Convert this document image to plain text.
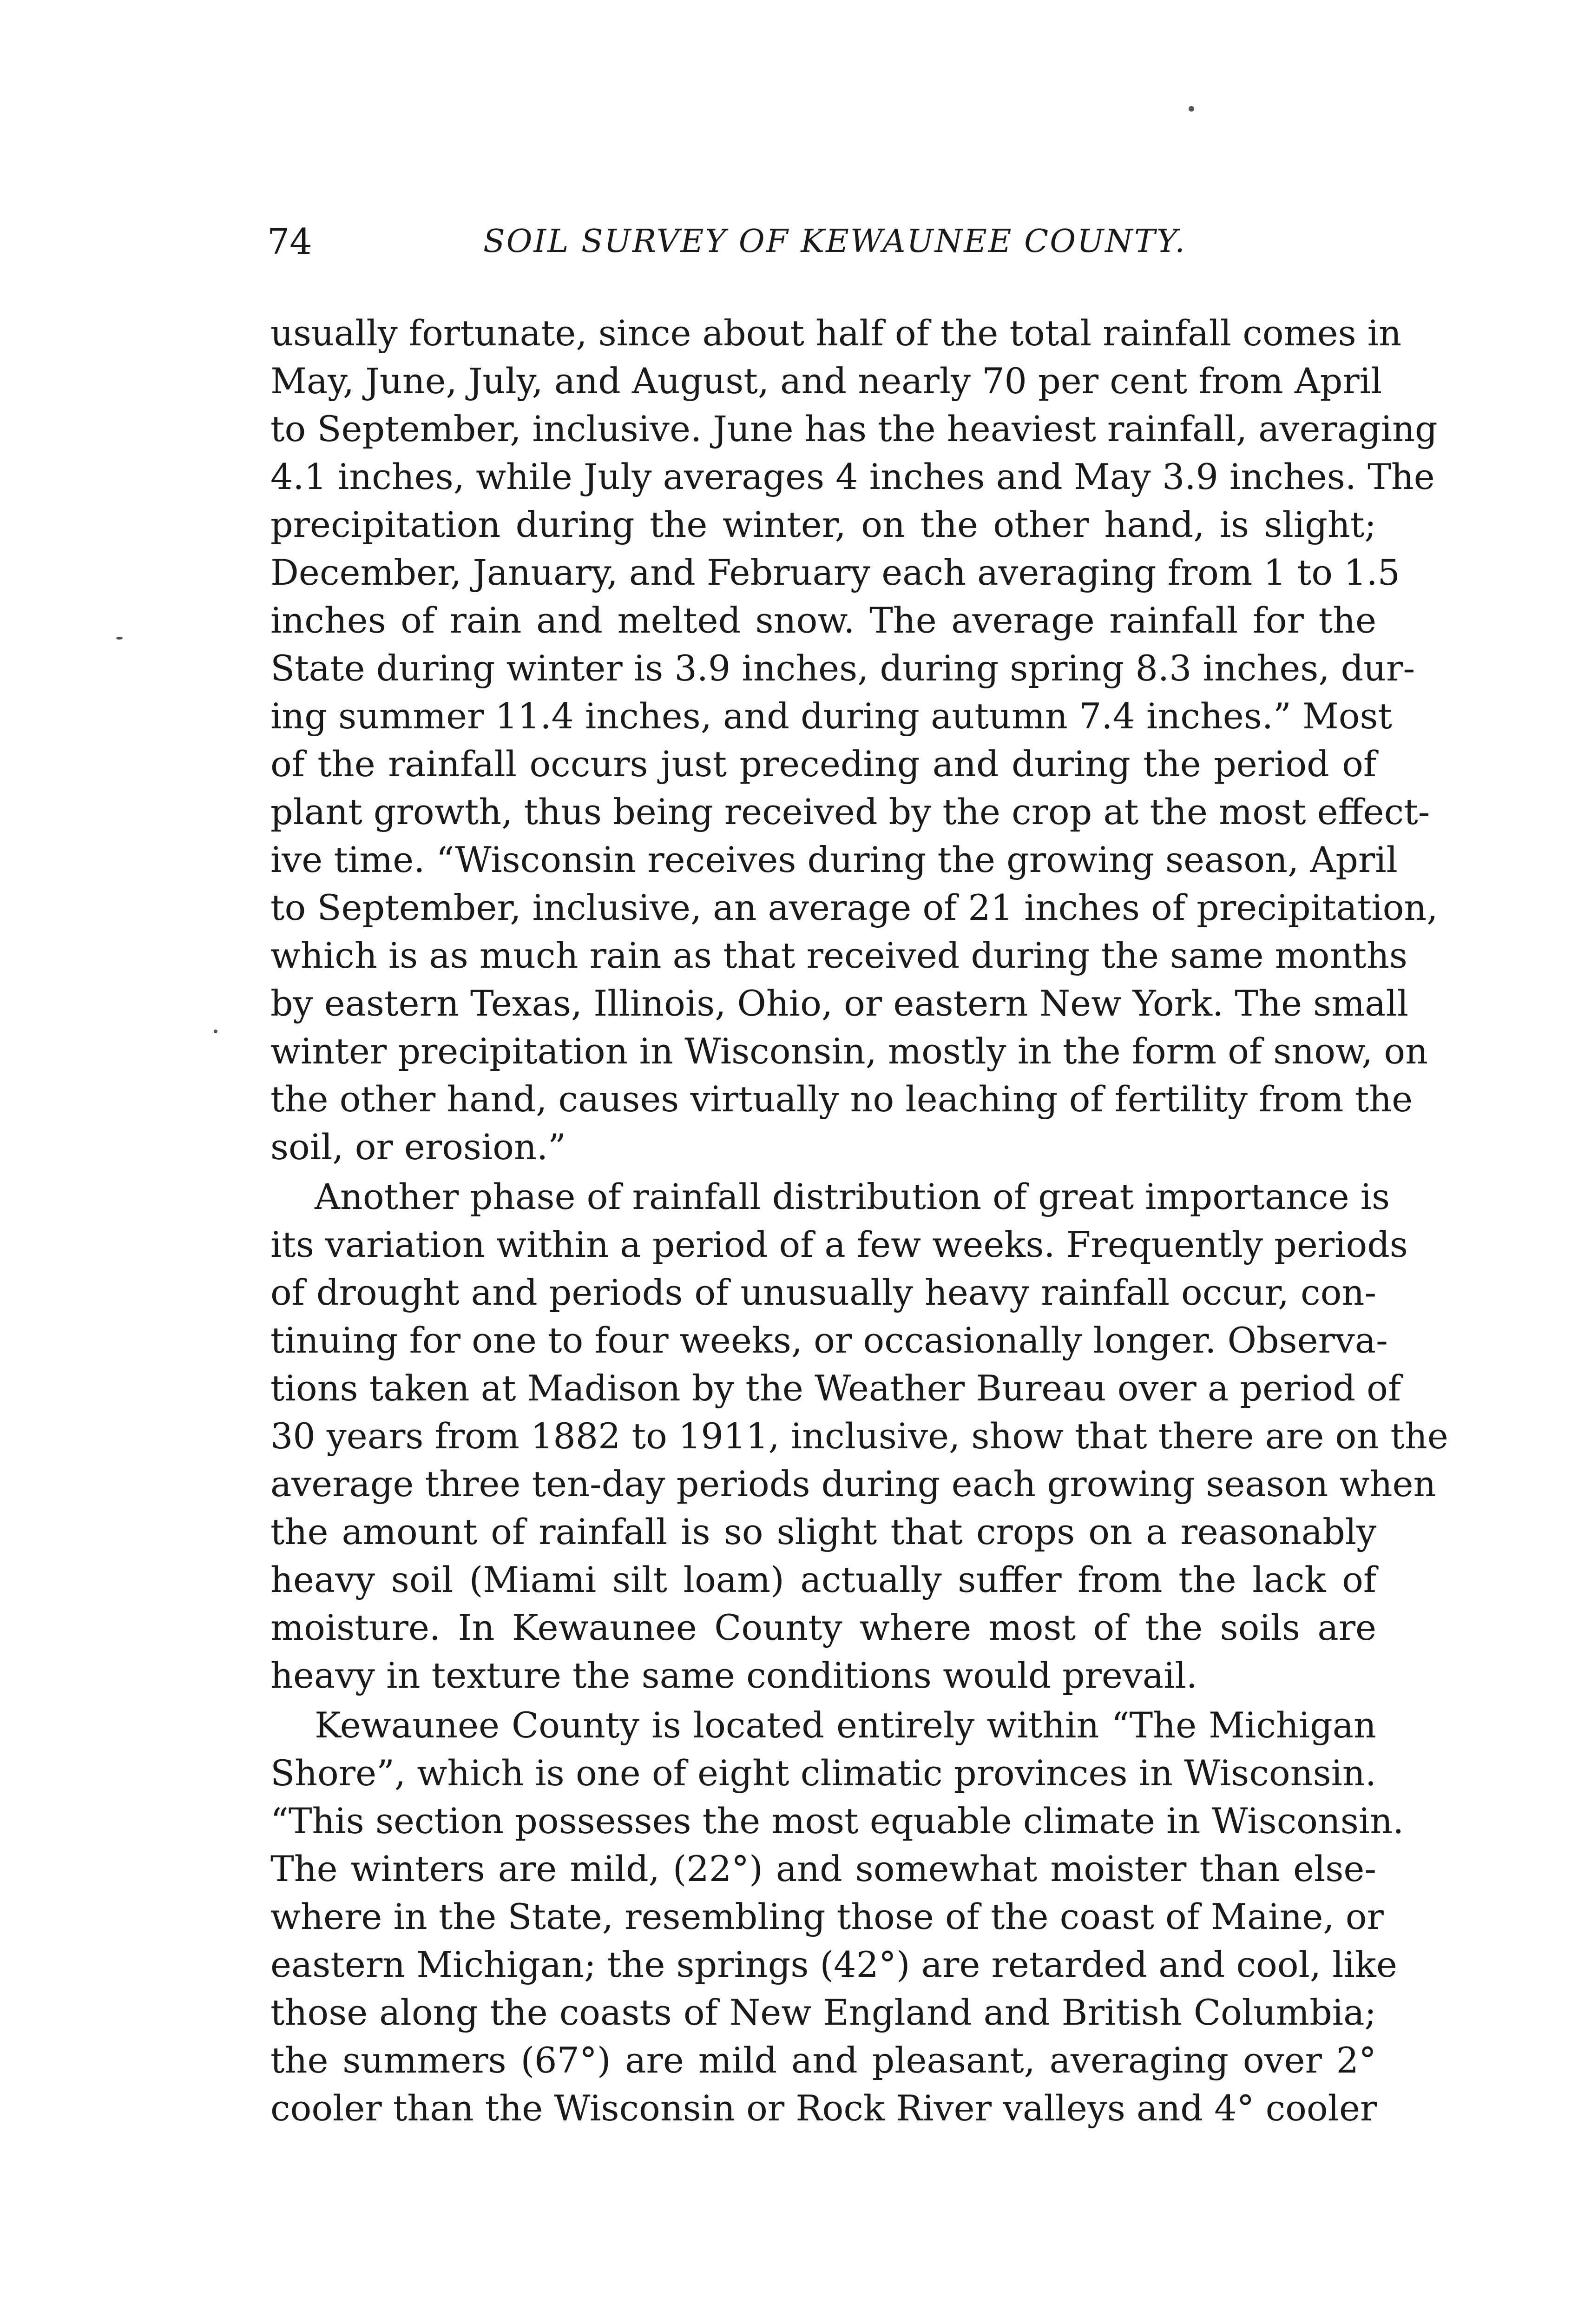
74	SOIL SURVEY OF KEWAUNEE COUNTY.
usually fortunate, since about half of the total rainfall comes in
May, June, July, and August, and nearly 70 per cent from April
to September, inclusive. June has the heaviest rainfall, averaging
4.1 inches, while July averages 4 inches and May 3.9 inches. The
precipitation during the winter, on the other hand, is slight;
December, January, and February each averaging from 1 to 1.5
inches of rain and melted snow. The average rainfall for the
State during winter is 3.9 inches, during spring 8.3 inches, dur-
ing summer 11.4 inches, and during autumn 7.4 inches.” Most
of the rainfall occurs just preceding and during the period of
plant growth, thus being received by the crop at the most effect-
ive time. “Wisconsin receives during the growing season, April
to September, inclusive, an average of 21 inches of precipitation,
which is as much rain as that received during the same months
by eastern Texas, Illinois, Ohio, or eastern New York. The small
winter precipitation in Wisconsin, mostly in the form of snow, on
the other hand, causes virtually no leaching of fertility from the
soil, or erosion.”
Another phase of rainfall distribution of great importance is
its variation within a period of a few weeks. Frequently periods
of drought and periods of unusually heavy rainfall occur, con-
tinuing for one to four weeks, or occasionally longer. Observa-
tions taken at Madison by the Weather Bureau over a period of
30 years from 1882 to 1911, inclusive, show that there are on the
average three ten-day periods during each growing season when
the amount of rainfall is so slight that crops on a reasonably
heavy soil (Miami silt loam) actually suffer from the lack of
moisture. In Kewaunee County where most of the soils are
heavy in texture the same conditions would prevail.
Kewaunee County is located entirely within “The Michigan
Shore”, which is one of eight climatic provinces in Wisconsin.
“This section possesses the most equable climate in Wisconsin.
The winters are mild, (22°) and somewhat moister than else-
where in the State, resembling those of the coast of Maine, or
eastern Michigan; the springs (42°) are retarded and cool, like
those along the coasts of New England and British Columbia;
the summers (67°) are mild and pleasant, averaging over 2°
cooler than the Wisconsin or Rock River valleys and 4° cooler
